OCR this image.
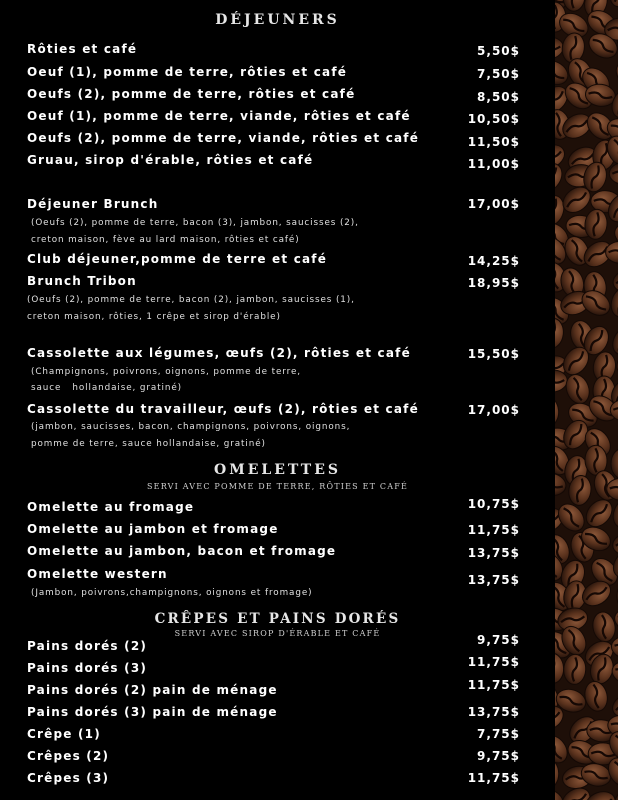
DÉJEUNERS
Rôties et café	5,50$
Oeuf (1), pomme de terre, rôties et café	7,50$
Oeufs (2), pomme de terre, rôties et café	8,50$
Oeuf (1), pomme de terre, viande, rôties et café	10,50$
Oeufs (2), pomme de terre, viande, rôties et café	11,50$
Gruau, sirop d'érable, rôties et café	11,00$
Déjeuner Brunch	17,00$
(Oeufs (2), pomme de terre, bacon (3), jambon, saucisses (2),
creton maison, fève au lard maison, rôties et café)
Club déjeuner,pomme de terre et café	14,25$
Brunch Tribon	18,95$
(Oeufs (2), pomme de terre, bacon (2), jambon, saucisses (1),
creton maison, rôties, 1 crêpe et sirop d'érable)
Cassolette aux légumes, œufs (2), rôties et café	15,50$
(Champignons, poivrons, oignons, pomme de terre,
sauce   hollandaise, gratiné)
Cassolette du travailleur, œufs (2), rôties et café	17,00$
(jambon, saucisses, bacon, champignons, poivrons, oignons,
pomme de terre, sauce hollandaise, gratiné)
OMELETTES
SERVI AVEC POMME DE TERRE, RÔTIES ET CAFÉ
Omelette au fromage	10,75$
Omelette au jambon et fromage	11,75$
Omelette au jambon, bacon et fromage	13,75$
Omelette western	13,75$
(Jambon, poivrons,champignons, oignons et fromage)
CRÊPES ET PAINS DORÉS
SERVI AVEC SIROP D'ÉRABLE ET CAFÉ
Pains dorés (2)	9,75$
Pains dorés (3)	11,75$
Pains dorés (2) pain de ménage	11,75$
Pains dorés (3) pain de ménage	13,75$
Crêpe (1)	7,75$
Crêpes (2)	9,75$
Crêpes (3)	11,75$
